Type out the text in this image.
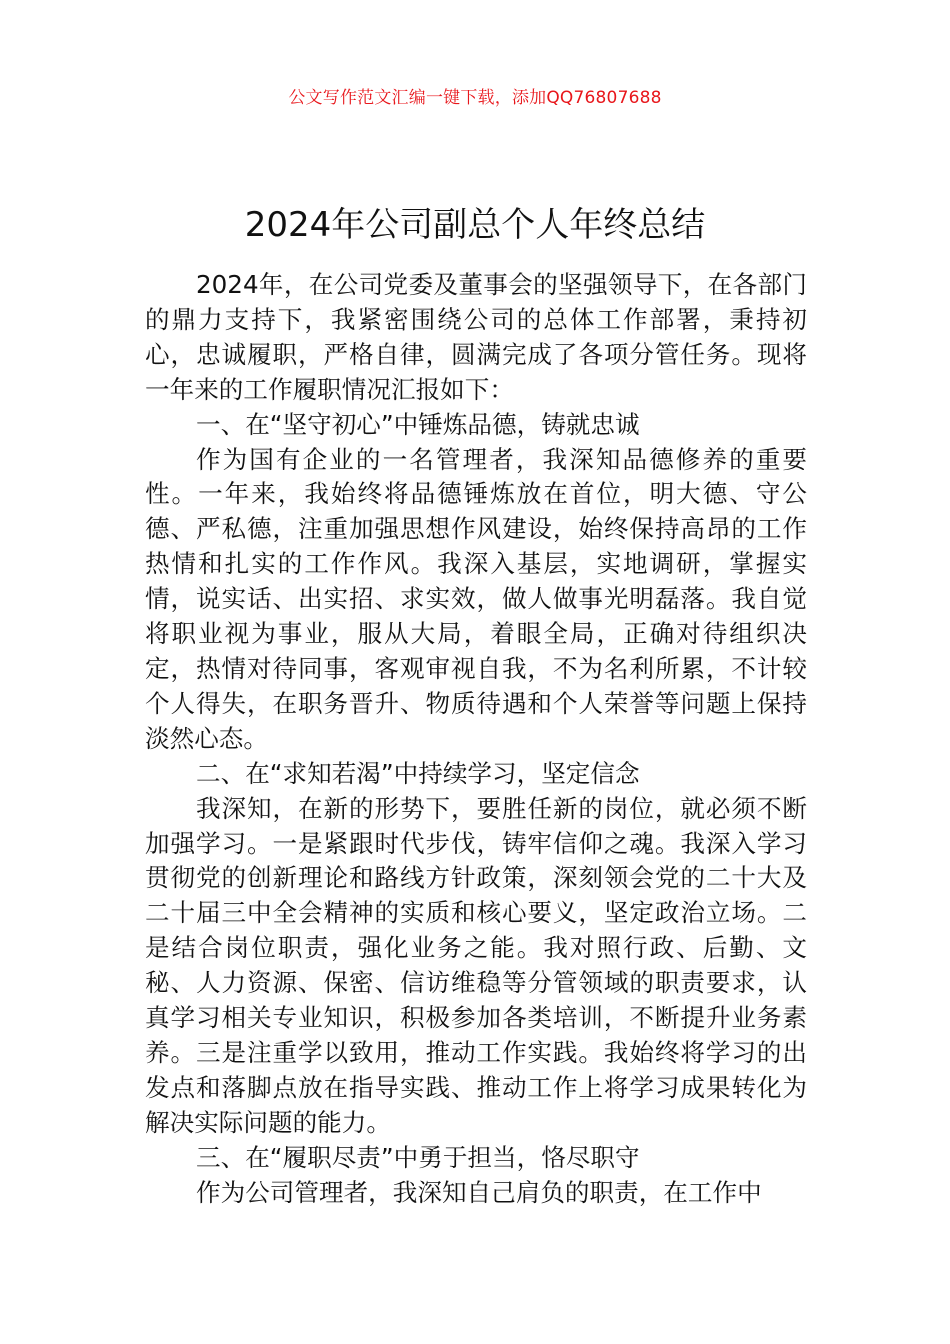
公文写作范文汇编一键下载，添加QQ76807688
2024年公司副总个人年终总结

2024年，在公司党委及董事会的坚强领导下，在各部门的鼎力支持下，我紧密围绕公司的总体工作部署，秉持初心，忠诚履职，严格自律，圆满完成了各项分管任务。现将一年来的工作履职情况汇报如下：

一、在“坚守初心”中锤炼品德，铸就忠诚

作为国有企业的一名管理者，我深知品德修养的重要性。一年来，我始终将品德锤炼放在首位，明大德、守公德、严私德，注重加强思想作风建设，始终保持高昂的工作热情和扎实的工作作风。我深入基层，实地调研，掌握实情，说实话、出实招、求实效，做人做事光明磊落。我自觉将职业视为事业，服从大局，着眼全局，正确对待组织决定，热情对待同事，客观审视自我，不为名利所累，不计较个人得失，在职务晋升、物质待遇和个人荣誉等问题上保持淡然心态。

二、在“求知若渴”中持续学习，坚定信念

我深知，在新的形势下，要胜任新的岗位，就必须不断加强学习。一是紧跟时代步伐，铸牢信仰之魂。我深入学习贯彻党的创新理论和路线方针政策，深刻领会党的二十大及二十届三中全会精神的实质和核心要义，坚定政治立场。二是结合岗位职责，强化业务之能。我对照行政、后勤、文秘、人力资源、保密、信访维稳等分管领域的职责要求，认真学习相关专业知识，积极参加各类培训，不断提升业务素养。三是注重学以致用，推动工作实践。我始终将学习的出发点和落脚点放在指导实践、推动工作上将学习成果转化为解决实际问题的能力。

三、在“履职尽责”中勇于担当，恪尽职守

作为公司管理者，我深知自己肩负的职责，在工作中
